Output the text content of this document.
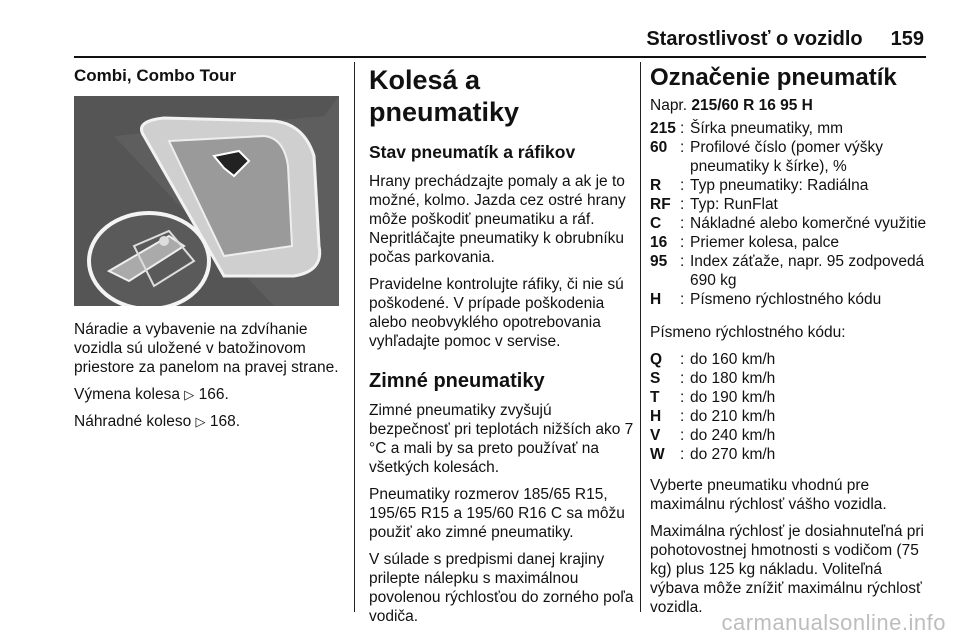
Starostlivosť o vozidlo 159

Combi, Combo Tour

Náradie a vybavenie na zdvíhanie vozidla sú uložené v batožinovom priestore za panelom na pravej strane.

Výmena kolesa ▷ 166.

Náhradné koleso ▷ 168.

Kolesá a pneumatiky
Stav pneumatík a ráfikov

Hrany prechádzajte pomaly a ak je to možné, kolmo. Jazda cez ostré hrany môže poškodiť pneumatiku a ráf. Nepritláčajte pneumatiky k obrubníku počas parkovania.

Pravidelne kontrolujte ráfiky, či nie sú poškodené. V prípade poškodenia alebo neobvyklého opotrebovania vyhľadajte pomoc v servise.

Zimné pneumatiky

Zimné pneumatiky zvyšujú bezpečnosť pri teplotách nižších ako 7 °C a mali by sa preto používať na všetkých kolesách.

Pneumatiky rozmerov 185/65 R15, 195/65 R15 a 195/60 R16 C sa môžu použiť ako zimné pneumatiky.

V súlade s predpismi danej krajiny prilepte nálepku s maximálnou povolenou rýchlosťou do zorného poľa vodiča.

Označenie pneumatík

Napr. 215/60 R 16 95 H

215 : Šírka pneumatiky, mm
60 : Profilové číslo (pomer výšky pneumatiky k šírke), %
R	: Typ pneumatiky: Radiálna
RF : Typ: RunFlat
C	: Nákladné alebo komerčné využitie
16 : Priemer kolesa, palce
95 : Index záťaže, napr. 95 zodpovedá 690 kg
H	: Písmeno rýchlostného kódu

Písmeno rýchlostného kódu:

Q	: do 160 km/h
S	: do 180 km/h
T	: do 190 km/h
H	: do 210 km/h
V	: do 240 km/h
W : do 270 km/h

Vyberte pneumatiku vhodnú pre maximálnu rýchlosť vášho vozidla.

Maximálna rýchlosť je dosiahnuteľná pri pohotovostnej hmotnosti s vodičom (75 kg) plus 125 kg nákladu. Voliteľná výbava môže znížiť maximálnu rýchlosť vozidla.

carmanualsonline.info
